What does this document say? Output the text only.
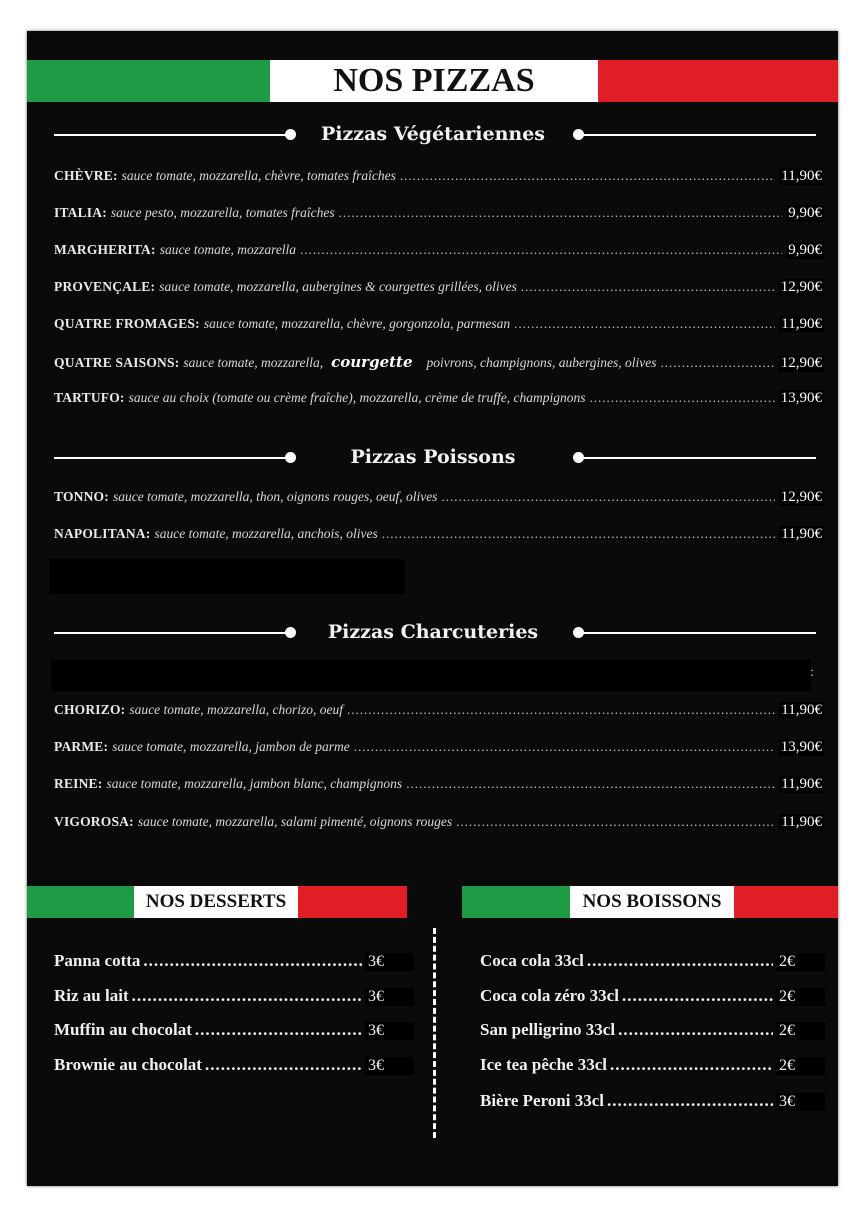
NOS PIZZAS
Pizzas Végétariennes
CHÈVRE: sauce tomate, mozzarella, chèvre, tomates fraîches .....	11,90€
ITALIA: sauce pesto, mozzarella, tomates fraîches .....	9,90€
MARGHERITA: sauce tomate, mozzarella .....	9,90€
PROVENÇALE: sauce tomate, mozzarella, aubergines & courgettes grillées, olives .....	12,90€
QUATRE FROMAGES: sauce tomate, mozzarella, chèvre, gorgonzola, parmesan .....	11,90€
QUATRE SAISONS: sauce tomate, mozzarella, courgette poivrons, champignons, aubergines, olives .....	12,90€
TARTUFO: sauce au choix (tomate ou crème fraîche), mozzarella, crème de truffe, champignons .....	13,90€
Pizzas Poissons
TONNO: sauce tomate, mozzarella, thon, oignons rouges, oeuf, olives .....	12,90€
NAPOLITANA: sauce tomate, mozzarella, anchois, olives .....	11,90€
Pizzas Charcuteries
:
CHORIZO: sauce tomate, mozzarella, chorizo, oeuf .....	11,90€
PARME: sauce tomate, mozzarella, jambon de parme .....	13,90€
REINE: sauce tomate, mozzarella, jambon blanc, champignons .....	11,90€
VIGOROSA: sauce tomate, mozzarella, salami pimenté, oignons rouges .....	11,90€
NOS DESSERTS	NOS BOISSONS
Panna cotta .....	3€
Riz au lait .....	3€
Muffin au chocolat .....	3€
Brownie au chocolat .....	3€
Coca cola 33cl .....	2€
Coca cola zéro 33cl .....	2€
San pelligrino 33cl .....	2€
Ice tea pêche 33cl .....	2€
Bière Peroni 33cl .....	3€
